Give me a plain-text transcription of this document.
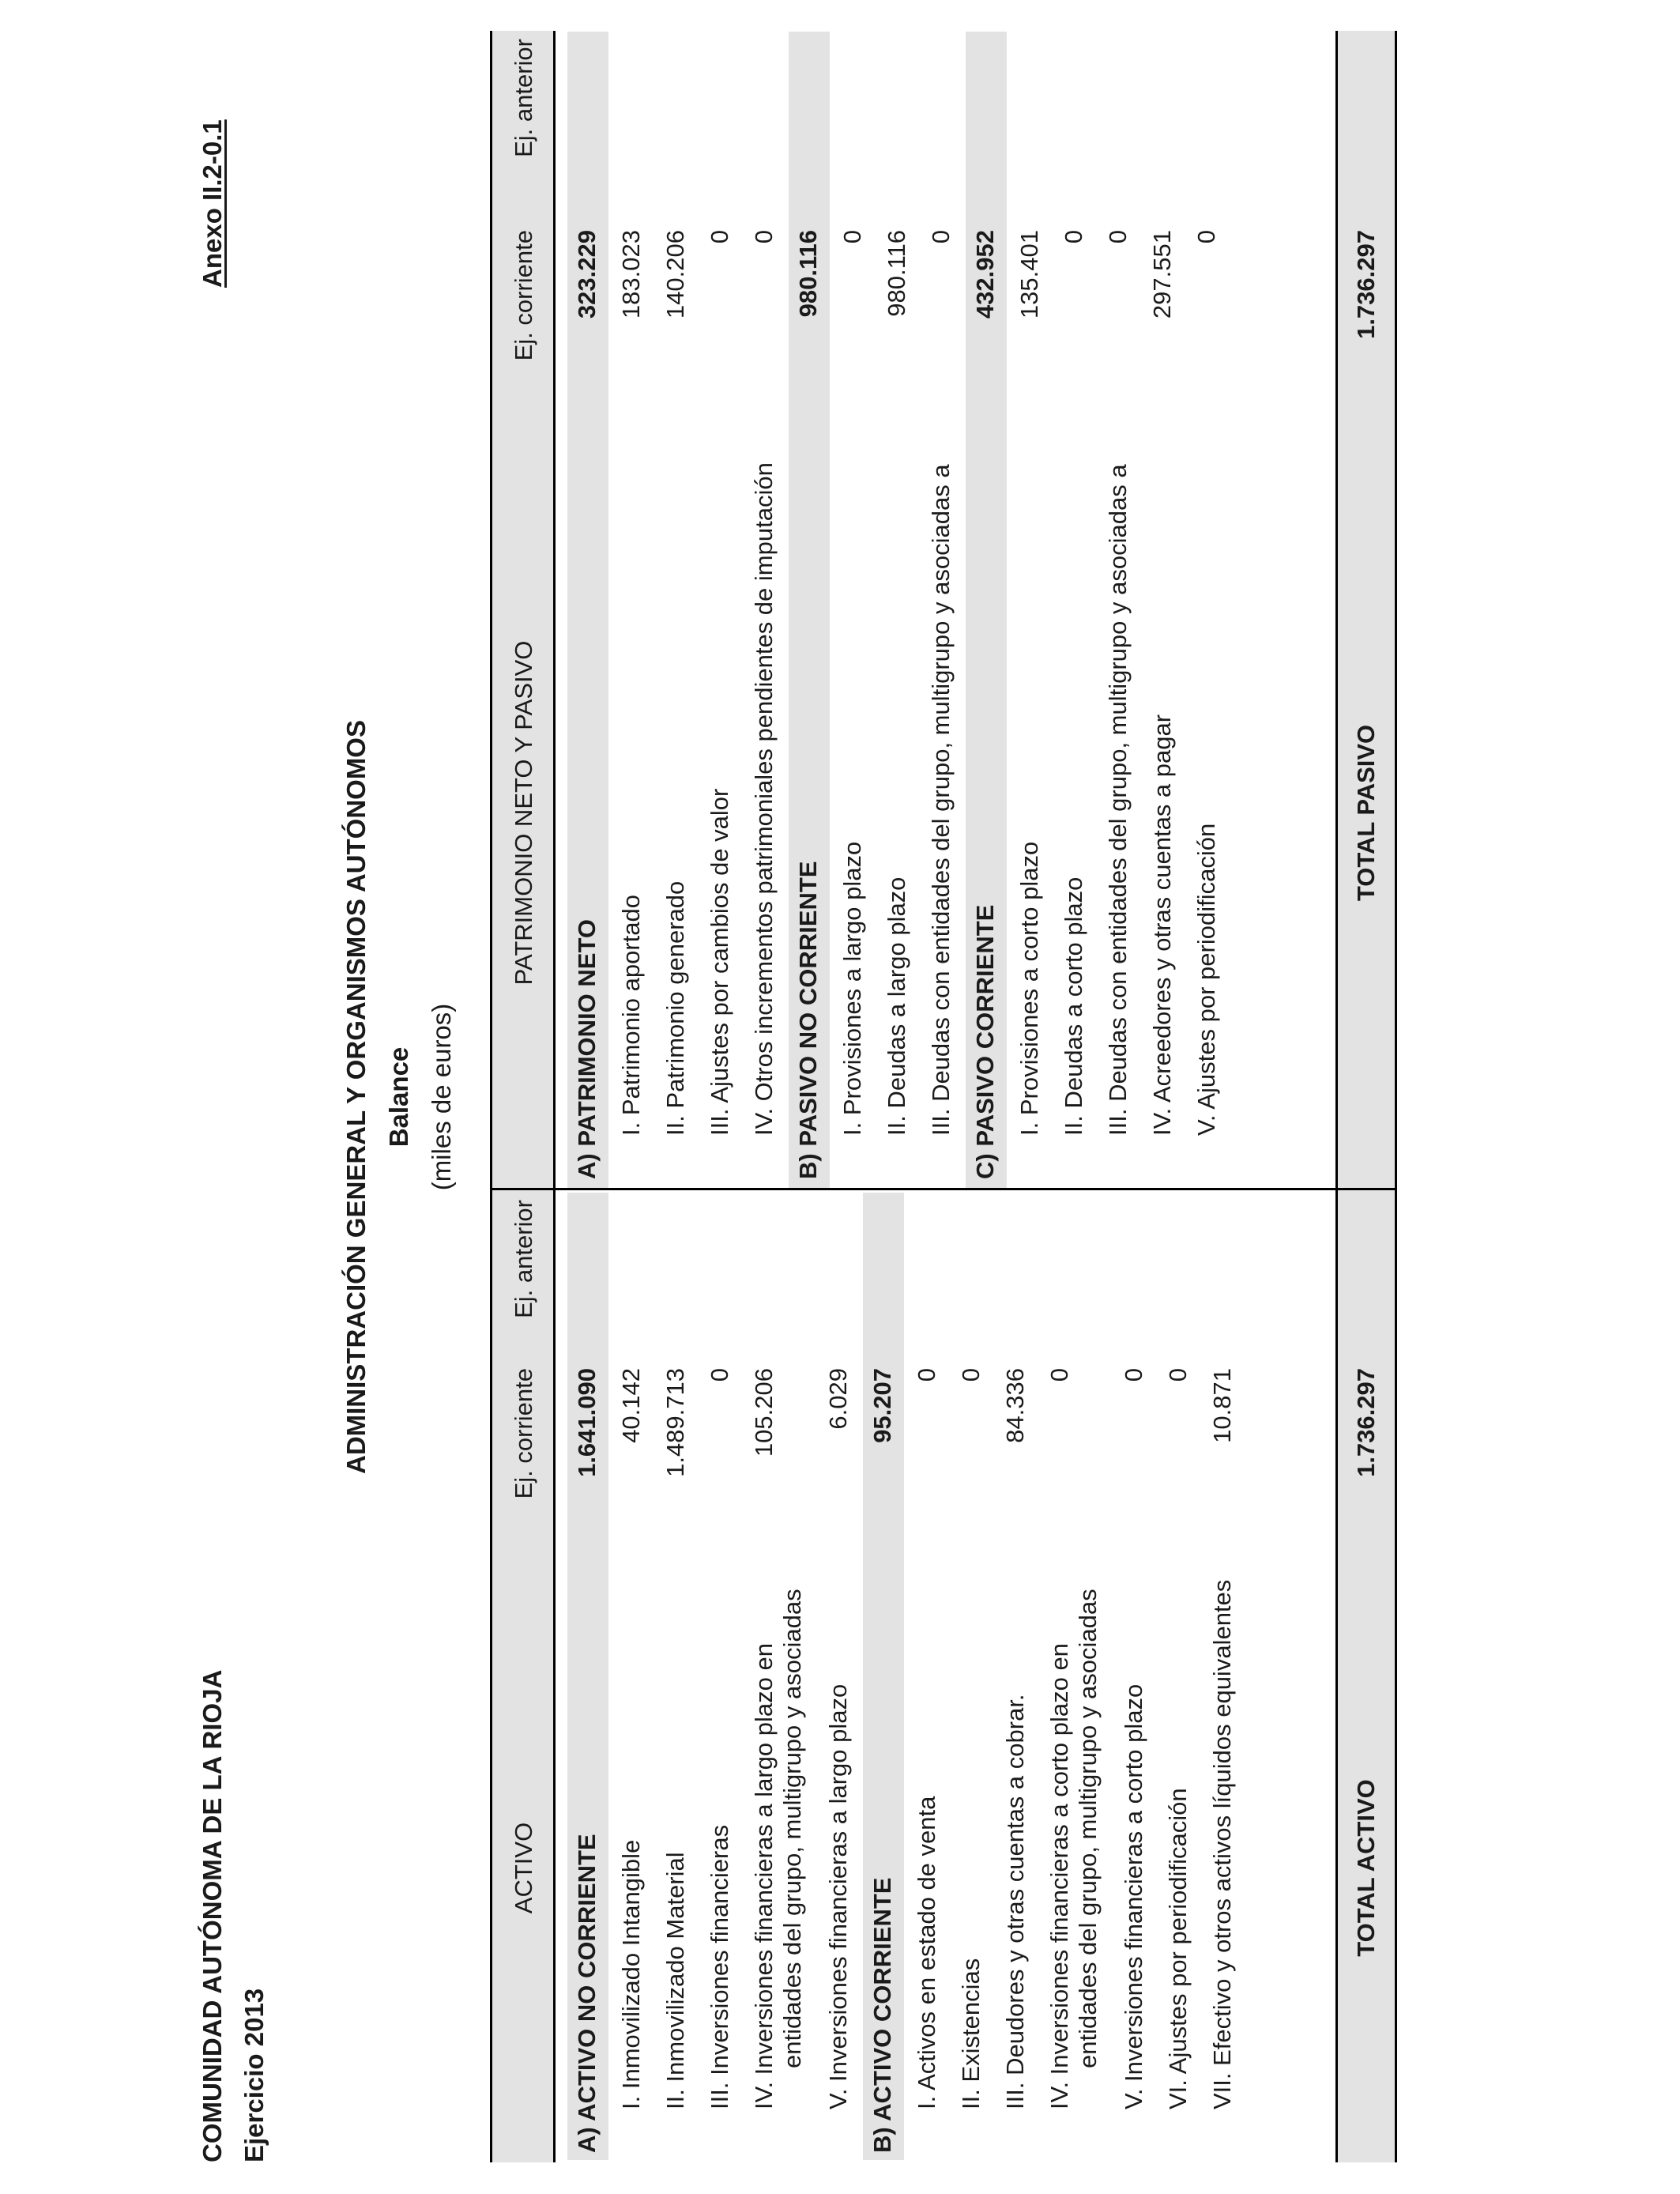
COMUNIDAD AUTÓNOMA DE LA RIOJA Ejercicio 2013
Anexo II.2-0.1
ADMINISTRACIÓN GENERAL Y ORGANISMOS AUTÓNOMOS Balance (miles de euros)
ACTIVO
Ej. corriente
Ej. anterior
A) ACTIVO NO CORRIENTE
1.641.090
I. Inmovilizado Intangible
40.142
II. Inmovilizado Material
1.489.713
III. Inversiones financieras
0
IV. Inversiones financieras a largo plazo en entidades del grupo, multigrupo y asociadas
105.206
V. Inversiones financieras a largo plazo
6.029
B) ACTIVO CORRIENTE
95.207
I. Activos en estado de venta
0
II. Existencias
0
III. Deudores y otras cuentas a cobrar.
84.336
IV. Inversiones financieras a corto plazo en entidades del grupo, multigrupo y asociadas
0
V. Inversiones financieras a corto plazo
0
VI. Ajustes por periodificación
0
VII. Efectivo y otros activos líquidos equivalentes
10.871
TOTAL ACTIVO
1.736.297
PATRIMONIO NETO Y PASIVO
Ej. corriente
Ej. anterior
A) PATRIMONIO NETO
323.229
I. Patrimonio aportado
183.023
II. Patrimonio generado
140.206
III. Ajustes por cambios de valor
0
IV. Otros incrementos patrimoniales pendientes de imputación
0
B) PASIVO NO CORRIENTE
980.116
I. Provisiones a largo plazo
0
II. Deudas a largo plazo
980.116
III. Deudas con entidades del grupo, multigrupo y asociadas a
0
C) PASIVO CORRIENTE
432.952
I. Provisiones a corto plazo
135.401
II. Deudas a corto plazo
0
III. Deudas con entidades del grupo, multigrupo y asociadas a
0
IV. Acreedores y otras cuentas a pagar
297.551
V. Ajustes por periodificación
0
TOTAL PASIVO
1.736.297
